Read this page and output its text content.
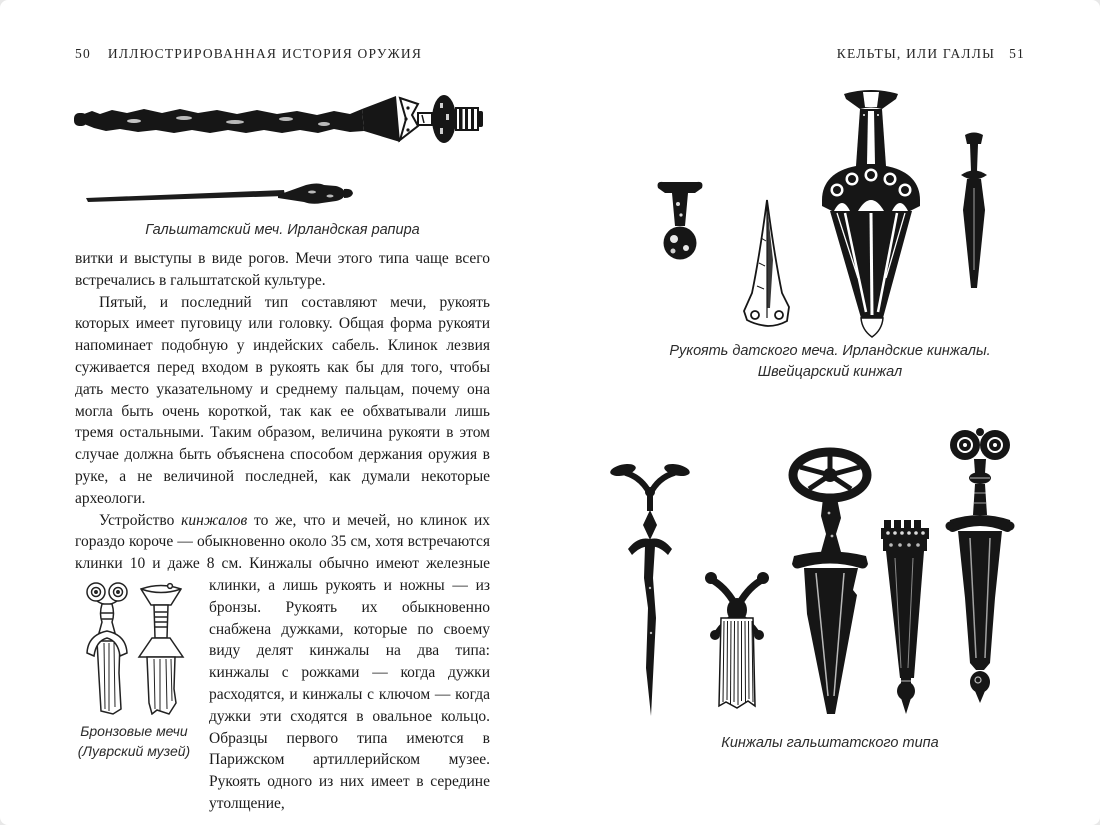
50 ИЛЛЮСТРИРОВАННАЯ ИСТОРИЯ ОРУЖИЯ	КЕЛЬТЫ, ИЛИ ГАЛЛЫ 51
Гальштатский меч. Ирландская рапира

витки и выступы в виде рогов. Мечи этого типа чаще всего встречались в гальштатской культуре.

Пятый, и последний тип составляют мечи, рукоять которых имеет пуговицу или головку. Общая форма рукояти напоминает подобную у индейских сабель. Клинок лезвия суживается перед входом в рукоять как бы для того, чтобы дать место указательному и среднему пальцам, почему она могла быть очень короткой, так как ее обхватывали лишь тремя остальными. Таким образом, величина рукояти в этом случае должна быть объяснена способом держания оружия в руке, а не величиной последней, как думали некоторые археологи.

Устройство кинжалов то же, что и мечей, но клинок их гораздо короче — обыкновенно около 35 см, хотя встречаются клинки 10 и даже 8 см. Кинжалы обычно имеют железные

Бронзовые мечи
(Луврский музей)
клинки, а лишь рукоять и ножны — из бронзы. Рукоять их обыкновенно снабжена дужками, которые по своему виду делят кинжалы на два типа: кинжалы с рожками — когда дужки расходятся, и кинжалы с ключом — когда дужки эти сходятся в овальное кольцо. Образцы первого типа имеются в Парижском артиллерийском музее. Рукоять одного из них имеет в середине утолщение,
Рукоять датского меча. Ирландские кинжалы.
Швейцарский кинжал
Кинжалы гальштатского типа
